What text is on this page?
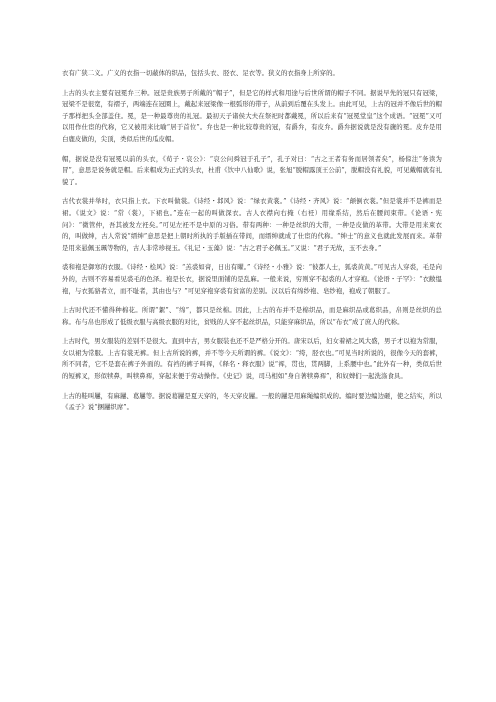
衣有广狭二义。广义的衣指一切蔽体的织品，包括头衣、胫衣、足衣等。狭义的衣指身上所穿的。

上古的头衣主要有冠冕弁三种。冠是贵族男子所戴的“帽子”，但是它的样式和用途与后世所谓的帽子不同。据说早先的冠只有冠梁，冠梁不是很宽，有褶子，两端连在冠圈上，戴起来冠梁像一根弧形的带子，从前到后覆在头发上。由此可见，上古的冠并不像后世的帽子那样把头全部盖住。冕，是一种最尊贵的礼冠。最初天子诸侯大夫在祭祀时都戴冕，所以后来有“冠冕堂皇”这个成语。“冠冕”又可以用作仕宦的代称，它又被用来比喻“居于首位”。弁也是一种比较尊贵的冠，有爵弁，有皮弁。爵弁据说就是没有旒的冕。皮弁是用白鹿皮做的，尖顶，类似后世的瓜皮帽。

帽，据说是没有冠冕以前的头衣，《荀子・哀公》：“哀公问舜冠于孔子”，孔子对曰：“古之王者有务而居领者矣”，杨倞注“务读为冒”，意思是说务就是帽。后来帽成为正式的头衣，杜甫《饮中八仙歌》说，张旭“脱帽露顶王公前”，脱帽没有礼貌，可见戴帽就有礼貌了。

古代衣裳并举时，衣只指上衣。下衣叫做裳。《诗经・邶风》说：“绿衣黄裳。”《诗经・齐风》说：“颠倒衣裳。”但是裳并不是裤而是裙。《说文》说：“常（裳），下裙也。”连在一起的叫做深衣。古人衣襟向右掩（右衽）用缘系结，然后在腰间束带。《论语・宪问》：“微管仲，吾其被发左衽矣。”可见左衽不是中原的习俗。带有两种：一种是丝织的大带，一种是皮做的革带。大带是用来束衣的，叫做绅，古人常说“缙绅”意思是把上朝时所执的手版插在带间，而缙绅就成了仕宦的代称。“绅士”的意义也就此发展而来。革带是用来悬佩玉珮等物的，古人非常珍视玉。《礼记・玉藻》说：“古之君子必佩玉。”又说：“君子无故，玉不去身。”

裘和袍是御寒的衣服。《诗经・桧风》说：“羔裘如膏，日出有曜。”《诗经・小雅》说：“彼都人士，狐裘黄黄。”可见古人穿裘，毛是向外的，古则不容易看见裘毛的色泽。袍是长衣，据说里面铺的是乱麻。一般来说，穷则穿不起裘的人才穿袍。《论语・子罕》：“衣敝缊袍，与衣狐貉者立，而不耻者，其由也与？”可见穿袍穿裘有贫富的差别。汉以后有绵纱袍、皂纱袍，袍成了朝服了。

上古时代还不懂得种棉花。所谓“絮”、“绵”，都只是丝棉。因此，上古的布并不是棉织品，而是麻织品或葛织品，帛则是丝织的总称。布与帛也形成了低级衣服与高级衣服的对比，贫贱的人穿不起丝织品，只能穿麻织品，所以“布衣”成了庶人的代称。

上古时代，男女服装的差别不是很大。直到中古，男女服装也还不是严格分开的。唐宋以后，妇女着裙之风大盛，男子才以袍为常服，女以裙为常服。上古有裳无裤。但上古所说的裤，并不等今天所谓的裤。《说文》：“绔，胫衣也。”可见当时所说的，很像今天的套裤，所不同者，它不是套在裤子外面的。有裆的裤子叫裈，《释名・释衣服》说“裈，贯也，贯两脚，上系腰中也。”此外有一种，类似后世的短裤叉，形似犊鼻，叫犊鼻裈，穿起来便于劳动操作。《史记》说，司马相如“身自著犊鼻裈”，和奴婢们一起洗涤食具。

上古的鞋叫屨，有麻屨、葛屨等。据说葛屨是夏天穿的，冬天穿皮屨。一般的屨是用麻绳编织成的。编时要边编边砸，使之结实，所以《孟子》说“捆屨织席”。
